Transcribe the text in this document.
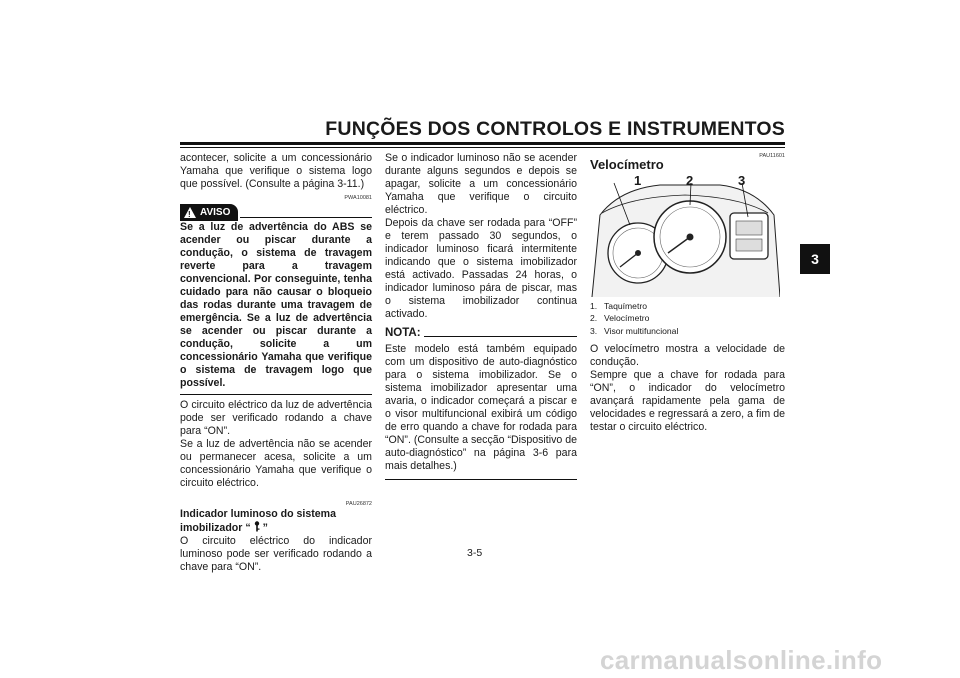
FUNÇÕES DOS CONTROLOS E INSTRUMENTOS
3

acontecer, solicite a um concessionário Yamaha que verifique o sistema logo que possível. (Consulte a página 3-11.)

PWA10081
! AVISO

Se a luz de advertência do ABS se acender ou piscar durante a condução, o sistema de travagem reverte para a travagem convencional. Por conseguinte, tenha cuidado para não causar o bloqueio das rodas durante uma travagem de emergência. Se a luz de advertência se acender ou piscar durante a condução, solicite a um concessionário Yamaha que verifique o sistema de travagem logo que possível.

O circuito eléctrico da luz de advertência pode ser verificado rodando a chave para “ON”.

Se a luz de advertência não se acender ou permanecer acesa, solicite a um concessionário Yamaha que verifique o circuito eléctrico.

PAU26872

Indicador luminoso do sistema
imobilizador “ ”

O circuito eléctrico do indicador luminoso pode ser verificado rodando a chave para “ON”.

Se o indicador luminoso não se acender durante alguns segundos e depois se apagar, solicite a um concessionário Yamaha que verifique o circuito eléctrico.

Depois da chave ser rodada para “OFF” e terem passado 30 segundos, o indicador luminoso ficará intermitente indicando que o sistema imobilizador está activado. Passadas 24 horas, o indicador luminoso pára de piscar, mas o sistema imobilizador continua activado.

NOTA:

Este modelo está também equipado com um dispositivo de auto-diagnóstico para o sistema imobilizador. Se o sistema imobilizador apresentar uma avaria, o indicador começará a piscar e o visor multifuncional exibirá um código de erro quando a chave for rodada para “ON”. (Consulte a secção “Dispositivo de auto-diagnóstico” na página 3-6 para mais detalhes.)

PAU11601
Velocímetro
1	2	3
1. Taquímetro
2. Velocímetro
3. Visor multifuncional

O velocímetro mostra a velocidade de condução.

Sempre que a chave for rodada para “ON”, o indicador do velocímetro avançará rapidamente pela gama de velocidades e regressará a zero, a fim de testar o circuito eléctrico.

3-5
carmanualsonline.info
